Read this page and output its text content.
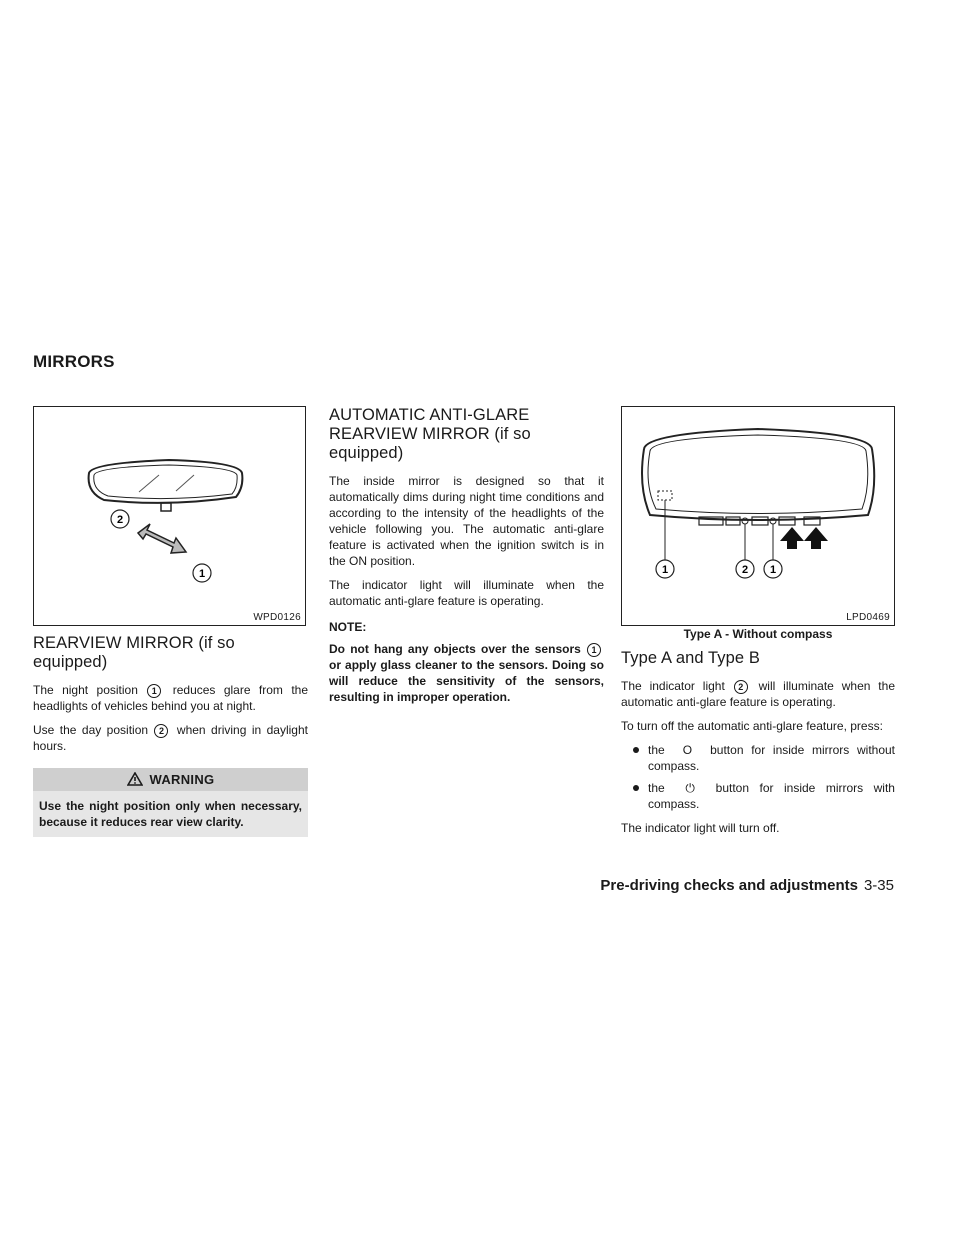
MIRRORS
2
1
WPD0126
REARVIEW MIRROR (if so equipped)

The night position 1 reduces glare from the headlights of vehicles behind you at night.

Use the day position 2 when driving in daylight hours.

WARNING
Use the night position only when necessary, because it reduces rear view clarity.
AUTOMATIC ANTI-GLARE REARVIEW MIRROR (if so equipped)

The inside mirror is designed so that it automatically dims during night time conditions and according to the intensity of the headlights of the vehicle following you. The automatic anti-glare feature is activated when the ignition switch is in the ON position.

The indicator light will illuminate when the automatic anti-glare feature is operating.

NOTE:

Do not hang any objects over the sensors 1 or apply glass cleaner to the sensors. Doing so will reduce the sensitivity of the sensors, resulting in improper operation.

1	2 1
LPD0469
Type A - Without compass
Type A and Type B

The indicator light 2 will illuminate when the automatic anti-glare feature is operating.

To turn off the automatic anti-glare feature, press:

the O button for inside mirrors without compass.
the ⏻ button for inside mirrors with compass.

The indicator light will turn off.

Pre-driving checks and adjustments 3-35
